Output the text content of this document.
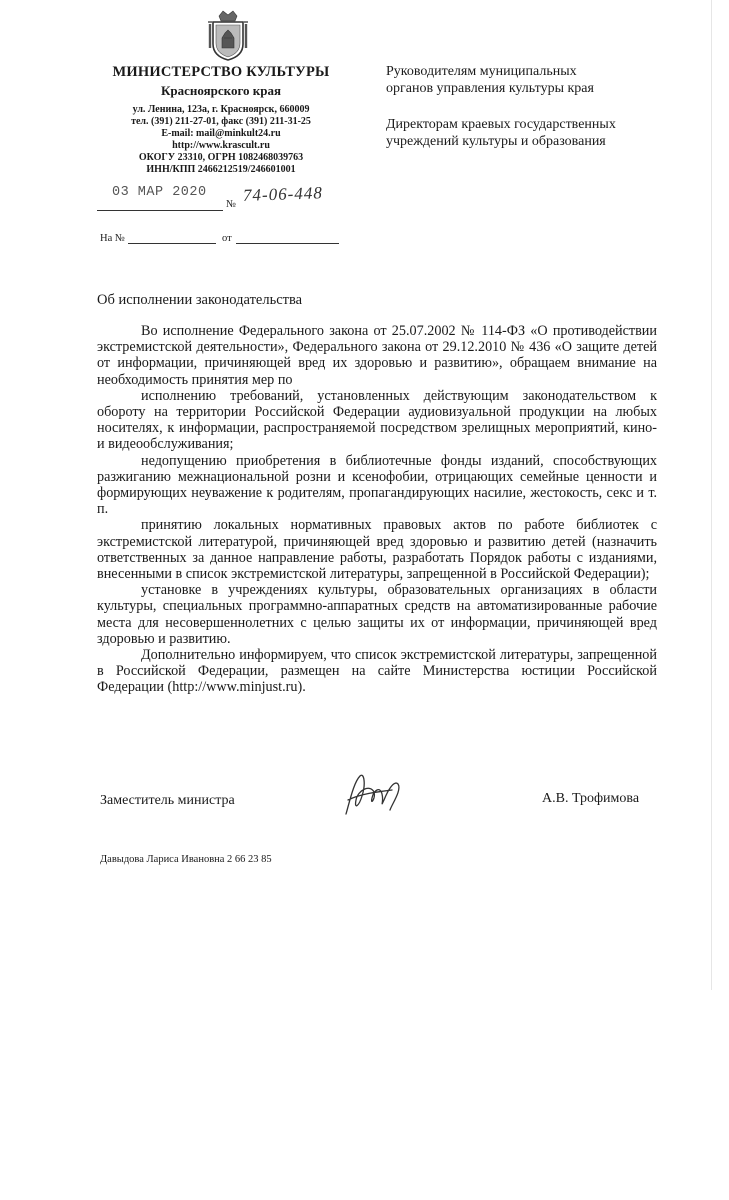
МИНИСТЕРСТВО КУЛЬТУРЫ
Красноярского края
ул. Ленина, 123а, г. Красноярск, 660009
тел. (391) 211-27-01, факс (391) 211-31-25
E-mail: mail@minkult24.ru
http://www.krascult.ru
ОКОГУ 23310, ОГРН 1082468039763
ИНН/КПП 2466212519/246601001
03 МАР 2020
№ 74-06-448
На №	от
Руководителям муниципальных
органов управления культуры края
Директорам краевых государственных
учреждений культуры и образования
Об исполнении законодательства

Во исполнение Федерального закона от 25.07.2002 № 114-ФЗ «О противодействии экстремистской деятельности», Федерального закона от 29.12.2010 № 436 «О защите детей от информации, причиняющей вред их здоровью и развитию», обращаем внимание на необходимость принятия мер по

исполнению требований, установленных действующим законодательством к обороту на территории Российской Федерации аудиовизуальной продукции на любых носителях, к информации, распространяемой посредством зрелищных мероприятий, кино- и видеообслуживания;

недопущению приобретения в библиотечные фонды изданий, способствующих разжиганию межнациональной розни и ксенофобии, отрицающих семейные ценности и формирующих неуважение к родителям, пропагандирующих насилие, жестокость, секс и т. п.

принятию локальных нормативных правовых актов по работе библиотек с экстремистской литературой, причиняющей вред здоровью и развитию детей (назначить ответственных за данное направление работы, разработать Порядок работы с изданиями, внесенными в список экстремистской литературы, запрещенной в Российской Федерации);

установке в учреждениях культуры, образовательных организациях в области культуры, специальных программно-аппаратных средств на автоматизированные рабочие места для несовершеннолетних с целью защиты их от информации, причиняющей вред здоровью и развитию.

Дополнительно информируем, что список экстремистской литературы, запрещенной в Российской Федерации, размещен на сайте Министерства юстиции Российской Федерации (http://www.minjust.ru).

Заместитель министра	А.В. Трофимова
Давыдова Лариса Ивановна 2 66 23 85
